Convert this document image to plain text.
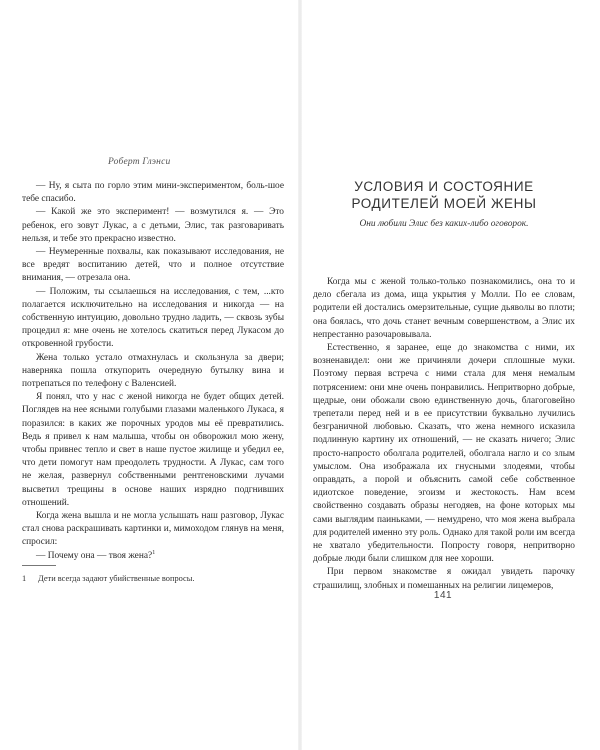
Роберт Глэнси

— Ну, я сыта по горло этим мини-экспериментом, боль-шое тебе спасибо.

— Какой же это эксперимент! — возмутился я. — Это ребенок, его зовут Лукас, а с детьми, Элис, так разговаривать нельзя, и тебе это прекрасно известно.

— Неумеренные похвалы, как показывают исследования, не все вредят воспитанию детей, что и полное отсутствие внимания, — отрезала она.

— Положим, ты ссылаешься на исследования, с тем, ...кто полагается исключительно на исследования и никогда — на собственную интуицию, довольно трудно ладить, — сквозь зубы процедил я: мне очень не хотелось скатиться перед Лукасом до откровенной грубости.

Жена только устало отмахнулась и скользнула за двери; наверняка пошла откупорить очередную бутылку вина и потрепаться по телефону с Валенсией.

Я понял, что у нас с женой никогда не будет общих детей. Поглядев на нее ясными голубыми глазами маленького Лукаса, я поразился: в каких же порочных уродов мы её превратились. Ведь я привел к нам малыша, чтобы он обворожил мою жену, чтобы привнес тепло и свет в наше пустое жилище и убедил ее, что дети помогут нам преодолеть трудности. А Лукас, сам того не желая, развернул собственными рентгеновскими лучами высветил трещины в основе наших изрядно подгнивших отношений.

Когда жена вышла и не могла услышать наш разговор, Лукас стал снова раскрашивать картинки и, мимоходом глянув на меня, спросил:

— Почему она — твоя жена?$^1$

1 Дети всегда задают убийственные вопросы.
УСЛОВИЯ И СОСТОЯНИЕ
РОДИТЕЛЕЙ МОЕЙ ЖЕНЫ
Они любили Элис без каких-либо оговорок.

Когда мы с женой только-только познакомились, она то и дело сбегала из дома, ища укрытия у Молли. По ее словам, родители ей достались омерзительные, сущие дьяволы во плоти; она боялась, что дочь станет вечным совершенством, а Элис их непрестанно разочаровывала.

Естественно, я заранее, еще до знакомства с ними, их возненавидел: они же причиняли дочери сплошные муки. Поэтому первая встреча с ними стала для меня немалым потрясением: они мне очень понравились. Непритворно добрые, щедрые, они обожали свою единственную дочь, благоговейно трепетали перед ней и в ее присутствии буквально лучились безграничной любовью. Сказать, что жена немного исказила подлинную картину их отношений, — не сказать ничего; Элис просто-напросто оболгала родителей, оболгала нагло и со злым умыслом. Она изображала их гнусными злодеями, чтобы оправдать, а порой и объяснить самой себе собственное идиотское поведение, эгоизм и жестокость. Нам всем свойственно создавать образы негодяев, на фоне которых мы сами выглядим паиньками, — немудрено, что моя жена выбрала для родителей именно эту роль. Однако для такой роли им всегда не хватало убедительности. Попросту говоря, непритворно добрые люди были слишком для нее хороши.

При первом знакомстве я ожидал увидеть парочку страшилищ, злобных и помешанных на религии лицемеров,

141
